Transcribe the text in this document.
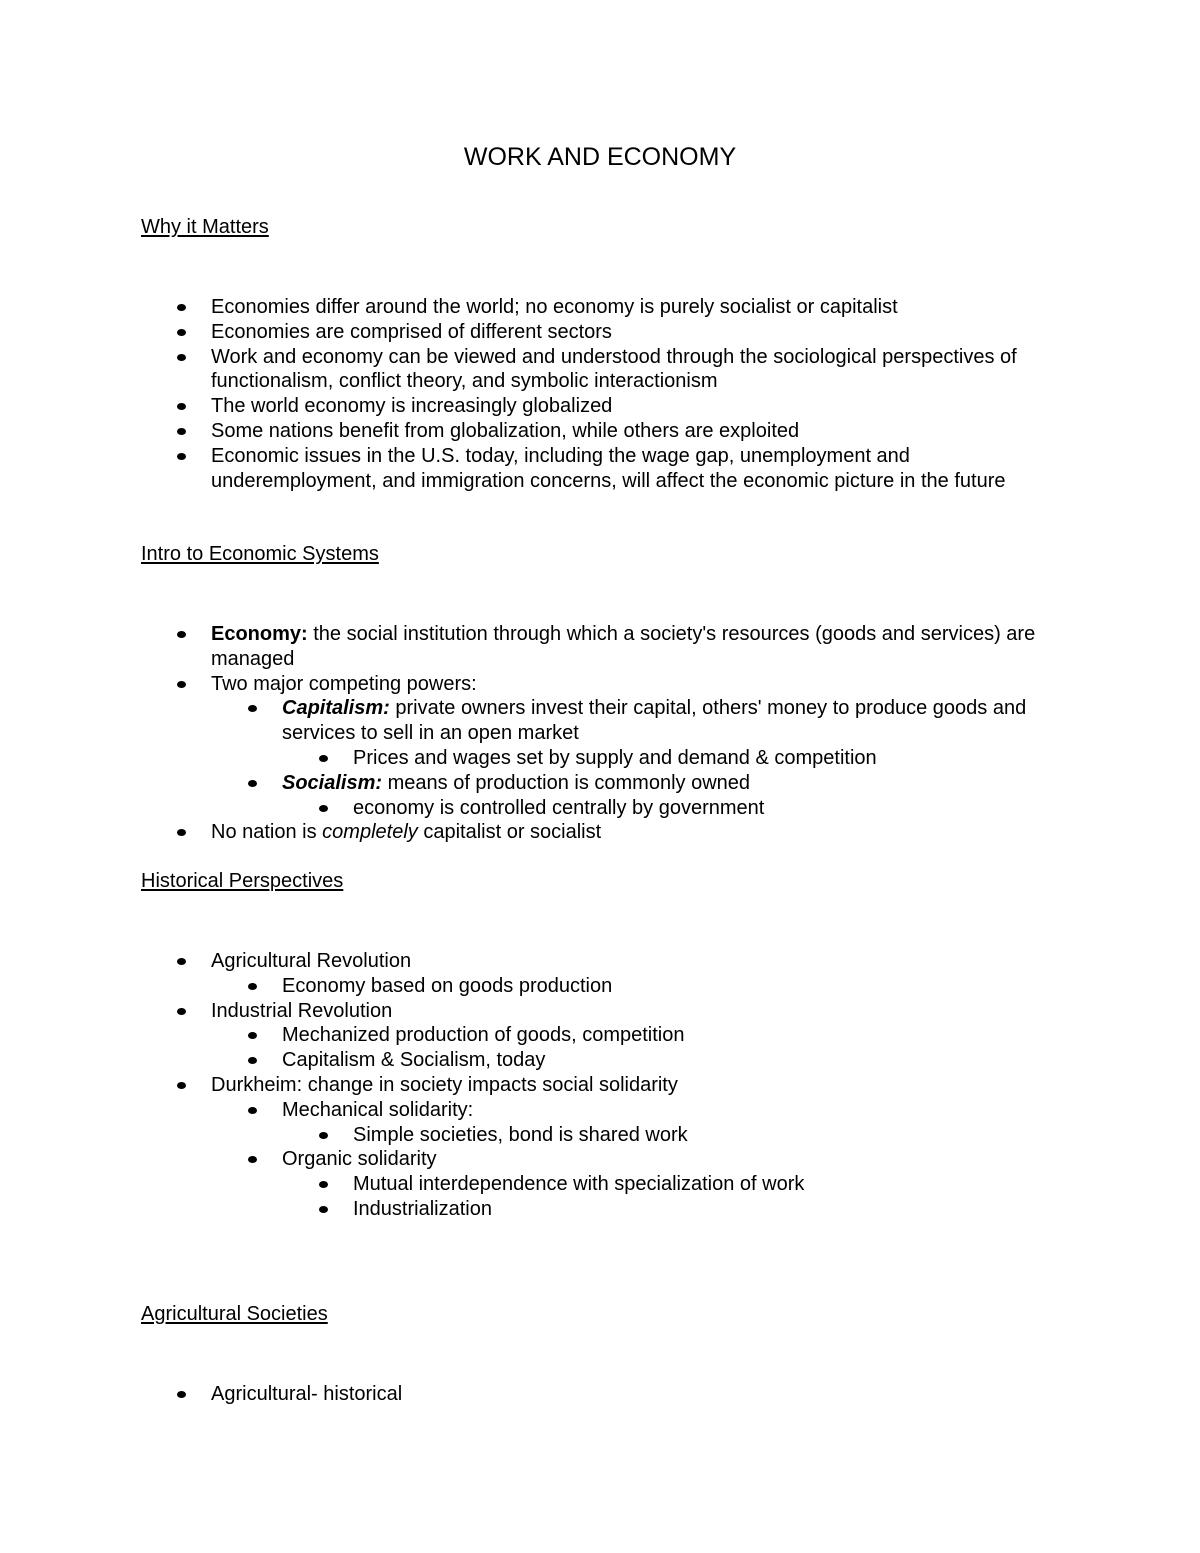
WORK AND ECONOMY
Why it Matters
Economies differ around the world; no economy is purely socialist or capitalist
Economies are comprised of different sectors
Work and economy can be viewed and understood through the sociological perspectives of functionalism, conflict theory, and symbolic interactionism
The world economy is increasingly globalized
Some nations benefit from globalization, while others are exploited
Economic issues in the U.S. today, including the wage gap, unemployment and underemployment, and immigration concerns, will affect the economic picture in the future
Intro to Economic Systems
Economy: the social institution through which a society's resources (goods and services) are managed
Two major competing powers:
Capitalism: private owners invest their capital, others' money to produce goods and services to sell in an open market
Prices and wages set by supply and demand & competition
Socialism: means of production is commonly owned
economy is controlled centrally by government
No nation is completely capitalist or socialist
Historical Perspectives
Agricultural Revolution
Economy based on goods production
Industrial Revolution
Mechanized production of goods, competition
Capitalism & Socialism, today
Durkheim: change in society impacts social solidarity
Mechanical solidarity:
Simple societies, bond is shared work
Organic solidarity
Mutual interdependence with specialization of work
Industrialization
Agricultural Societies
Agricultural- historical
